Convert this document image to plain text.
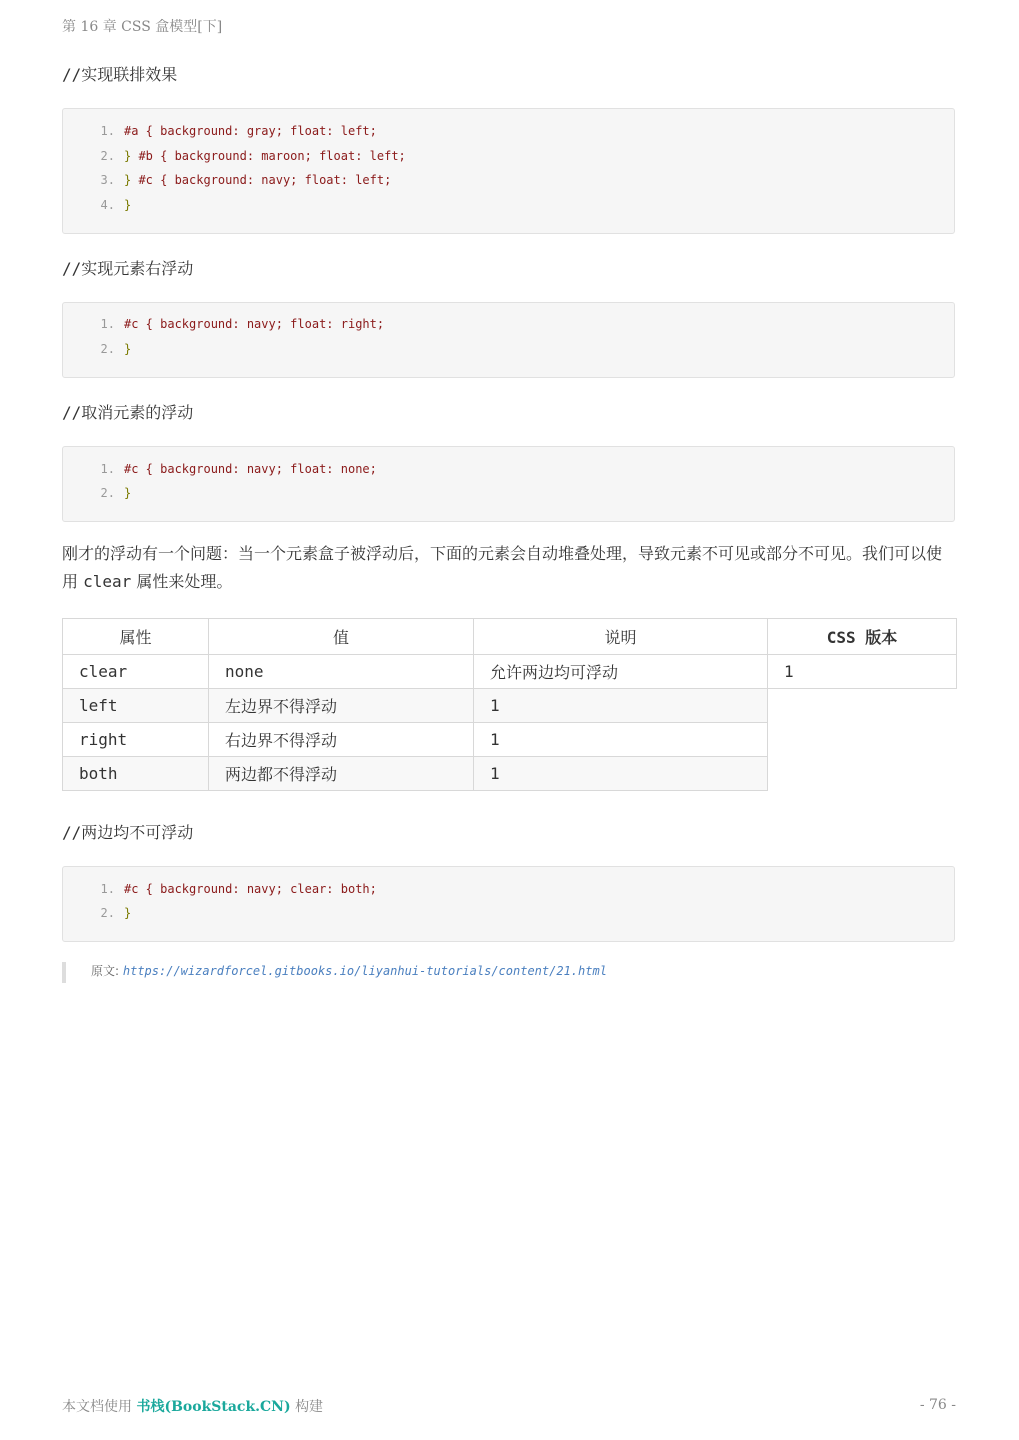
第 16 章 CSS 盒模型[下]
//实现联排效果
1. #a { background: gray; float: left;
2. } #b { background: maroon; float: left;
3. } #c { background: navy; float: left;
4. }
//实现元素右浮动
1. #c { background: navy; float: right;
2. }
//取消元素的浮动
1. #c { background: navy; float: none;
2. }
刚才的浮动有一个问题：当一个元素盒子被浮动后，下面的元素会自动堆叠处理，导致元素不可见或部分不可见。我们可以使用 clear 属性来处理。
属性	值	说明	CSS 版本
clear	none	允许两边均可浮动	1
left	左边界不得浮动	1	
right	右边界不得浮动	1	
both	两边都不得浮动	1	
//两边均不可浮动
1. #c { background: navy; clear: both;
2. }
原文: https://wizardforcel.gitbooks.io/liyanhui-tutorials/content/21.html
本文档使用 书栈(BookStack.CN) 构建	- 76 -
